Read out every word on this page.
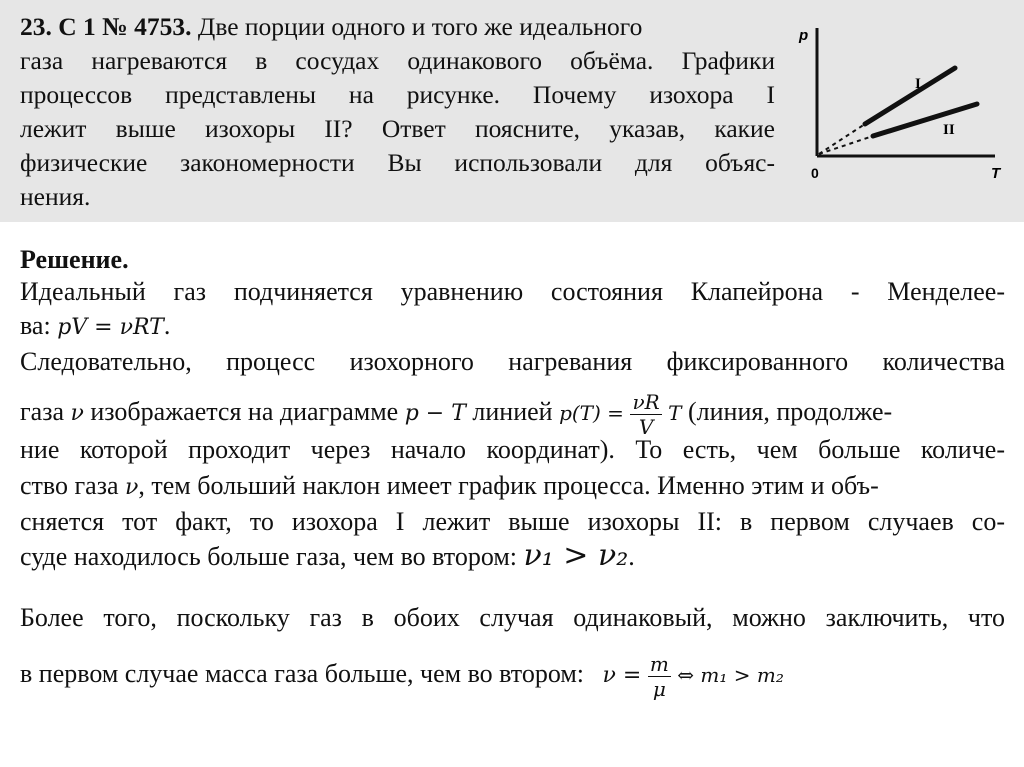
23. С 1 № 4753. Две порции одного и того же идеального
газа нагреваются в сосудах одинакового объёма. Графики
процессов представлены на рисунке. Почему изохора I
лежит выше изохоры II? Ответ поясните, указав, какие
физические закономерности Вы использовали для объяс-
нения.
p
T
0
I
II
Решение.
Идеальный газ подчиняется уравнению состояния Клапейрона - Менделее-
ва: pV = νRT.
Следовательно, процесс изохорного нагревания фиксированного количества
газа ν изображается на диаграмме p − T линией $p(T) = \frac{\nu R}{V}$ T (линия, продолже-
ние которой проходит через начало координат). То есть, чем больше количе-
ство газа ν, тем больший наклон имеет график процесса. Именно этим и объ-
сняется тот факт, то изохора I лежит выше изохоры II: в первом случаев со-
суде находилось больше газа, чем во втором: ν₁ > ν₂.
Более того, поскольку газ в обоих случая одинаковый, можно заключить, что
в первом случае масса газа больше, чем во втором: $\nu = \frac{m}{\mu}$ ⇔ m₁ > m₂
